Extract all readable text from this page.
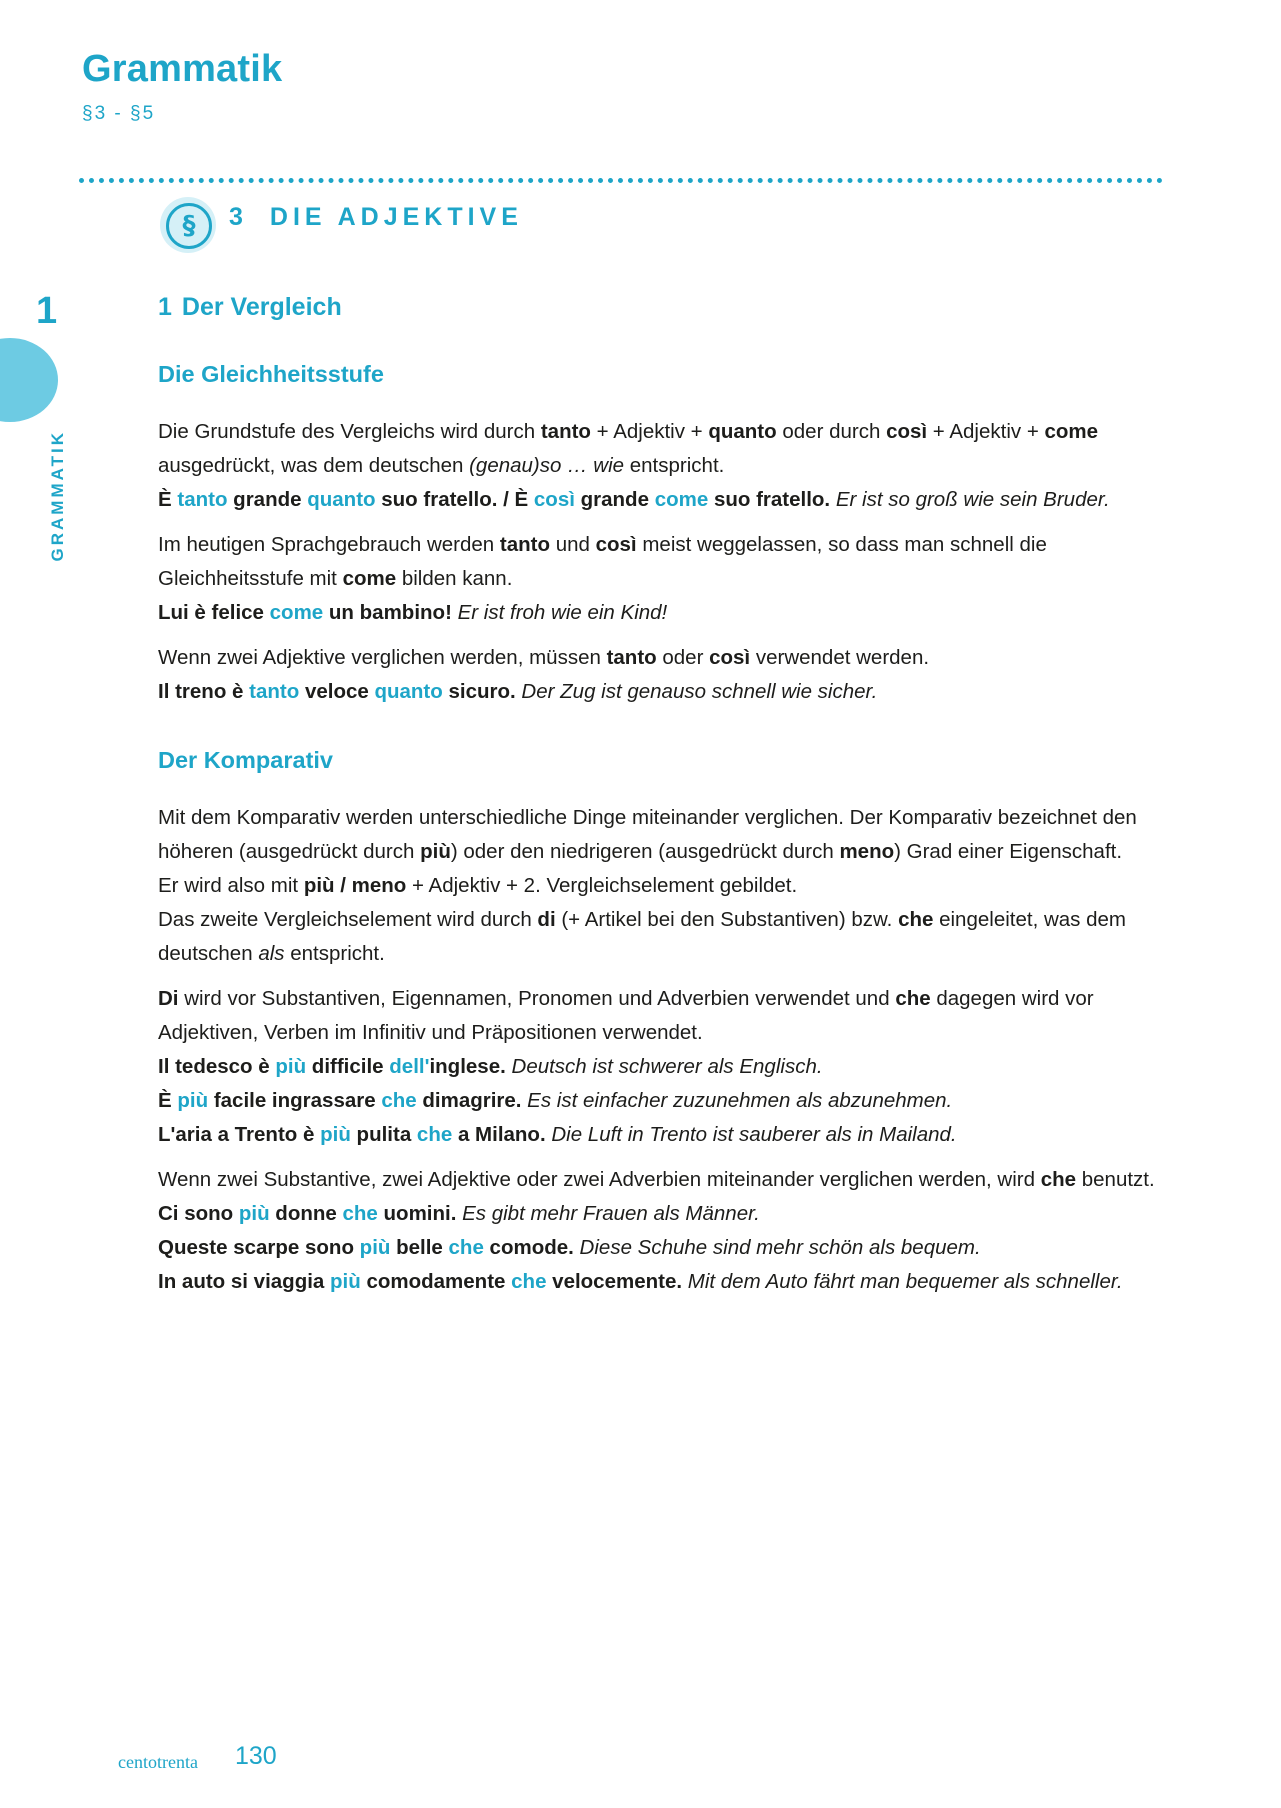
Grammatik
§3 - §5
§	3 DIE ADJEKTIVE
1
GRAMMATIK
1 Der Vergleich
Die Gleichheitsstufe

Die Grundstufe des Vergleichs wird durch tanto + Adjektiv + quanto oder durch così + Adjektiv + come ausgedrückt, was dem deutschen (genau)so … wie entspricht.

È tanto grande quanto suo fratello. / È così grande come suo fratello. Er ist so groß wie sein Bruder.

Im heutigen Sprachgebrauch werden tanto und così meist weggelassen, so dass man schnell die Gleichheitsstufe mit come bilden kann.

Lui è felice come un bambino! Er ist froh wie ein Kind!

Wenn zwei Adjektive verglichen werden, müssen tanto oder così verwendet werden.

Il treno è tanto veloce quanto sicuro. Der Zug ist genauso schnell wie sicher.

Der Komparativ

Mit dem Komparativ werden unterschiedliche Dinge miteinander verglichen. Der Komparativ bezeichnet den höheren (ausgedrückt durch più) oder den niedrigeren (ausgedrückt durch meno) Grad einer Eigenschaft.

Er wird also mit più / meno + Adjektiv + 2. Vergleichselement gebildet.

Das zweite Vergleichselement wird durch di (+ Artikel bei den Substantiven) bzw. che eingeleitet, was dem deutschen als entspricht.

Di wird vor Substantiven, Eigennamen, Pronomen und Adverbien verwendet und che dagegen wird vor Adjektiven, Verben im Infinitiv und Präpositionen verwendet.

Il tedesco è più difficile dell'inglese. Deutsch ist schwerer als Englisch.

È più facile ingrassare che dimagrire. Es ist einfacher zuzunehmen als abzunehmen.

L'aria a Trento è più pulita che a Milano. Die Luft in Trento ist sauberer als in Mailand.

Wenn zwei Substantive, zwei Adjektive oder zwei Adverbien miteinander verglichen werden, wird che benutzt.

Ci sono più donne che uomini. Es gibt mehr Frauen als Männer.

Queste scarpe sono più belle che comode. Diese Schuhe sind mehr schön als bequem.

In auto si viaggia più comodamente che velocemente. Mit dem Auto fährt man bequemer als schneller.

centotrenta 130
